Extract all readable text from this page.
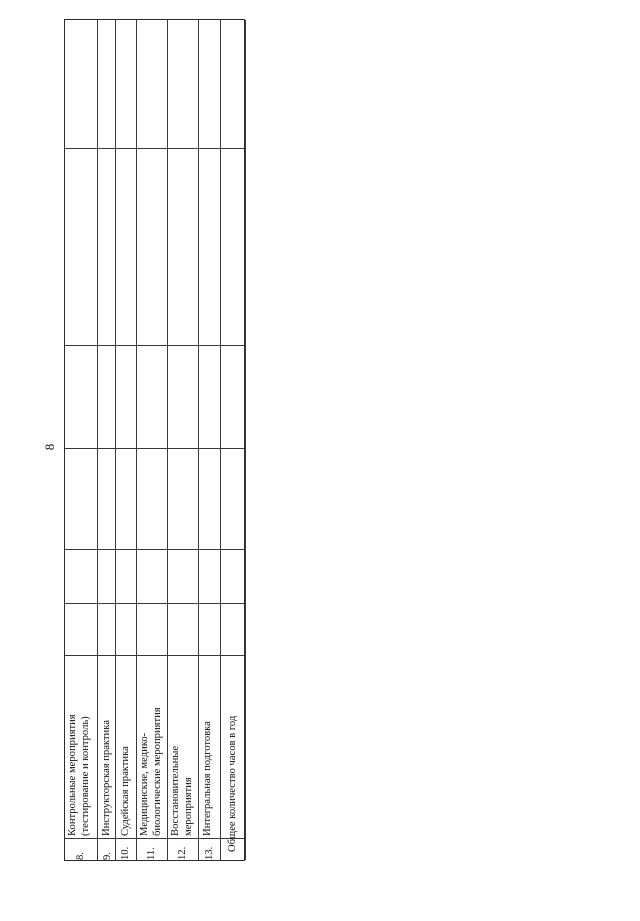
8
8. 9. 10. 11. 12. 13.
Контрольные мероприятия (тестирование и контроль) Инструкторская практика Судейская практика Медицинские, медико- биологические мероприятия Восстановительные мероприятия Интегральная подготовка Общее количество часов в год
